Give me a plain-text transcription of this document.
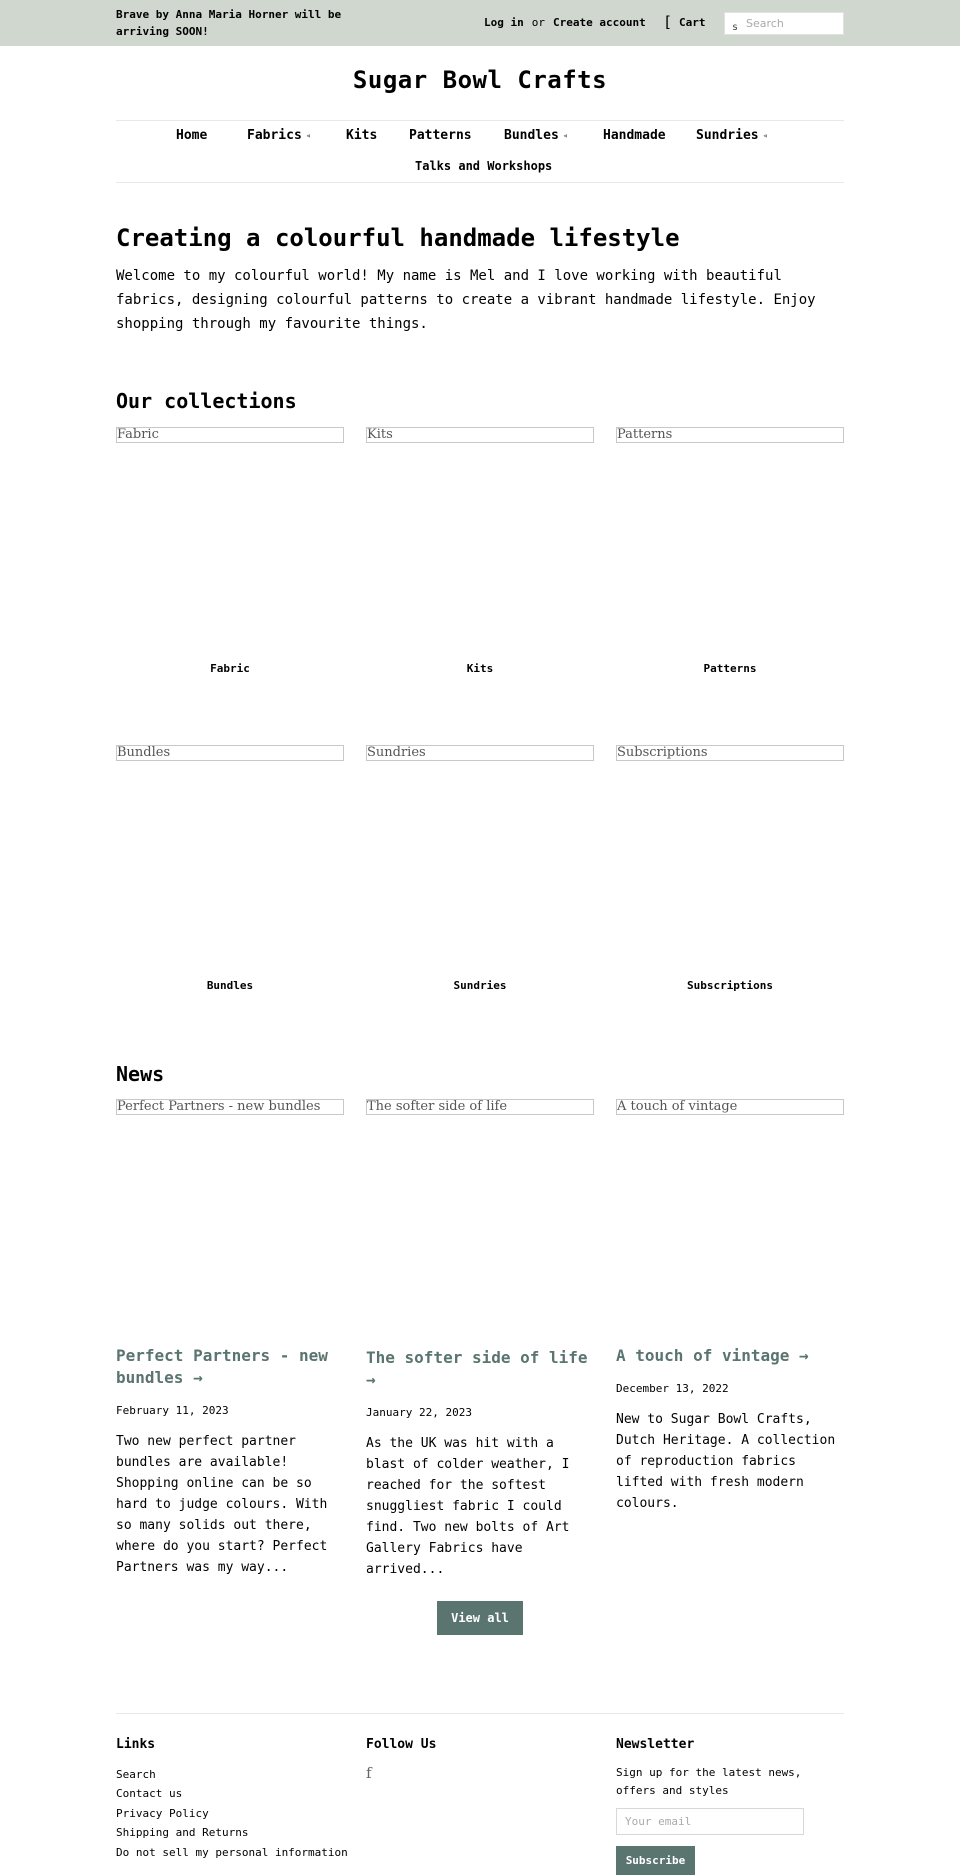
Brave by Anna Maria Horner will be arriving SOON!
Log in or Create account [ Cart	s
Search
Sugar Bowl Crafts
Home	Fabrics ◃	Kits Patterns Bundles ◃	Handmade Sundries ◃
Talks and Workshops
Creating a colourful handmade lifestyle
Welcome to my colourful world! My name is Mel and I love working with beautiful fabrics, designing colourful patterns to create a vibrant handmade lifestyle. Enjoy shopping through my favourite things.
Our collections
Fabric	Kits	Patterns
Fabric	Kits	Patterns
Bundles	Sundries	Subscriptions
Bundles	Sundries	Subscriptions
News
Perfect Partners - new bundles	The softer side of life	A touch of vintage
Perfect Partners - new bundles →
The softer side of life →
A touch of vintage →
February 11, 2023	January 22, 2023
December 13, 2022
Two new perfect partner bundles are available! Shopping online can be so hard to judge colours. With so many solids out there, where do you start? Perfect Partners was my way...
As the UK was hit with a blast of colder weather, I reached for the softest snuggliest fabric I could find. Two new bolts of Art Gallery Fabrics have arrived...
New to Sugar Bowl Crafts, Dutch Heritage. A collection of reproduction fabrics lifted with fresh modern colours.
View all
Links
Search
Contact us
Privacy Policy
Shipping and Returns
Do not sell my personal information
Follow Us
f
Newsletter
Sign up for the latest news, offers and styles
Your email
Subscribe
